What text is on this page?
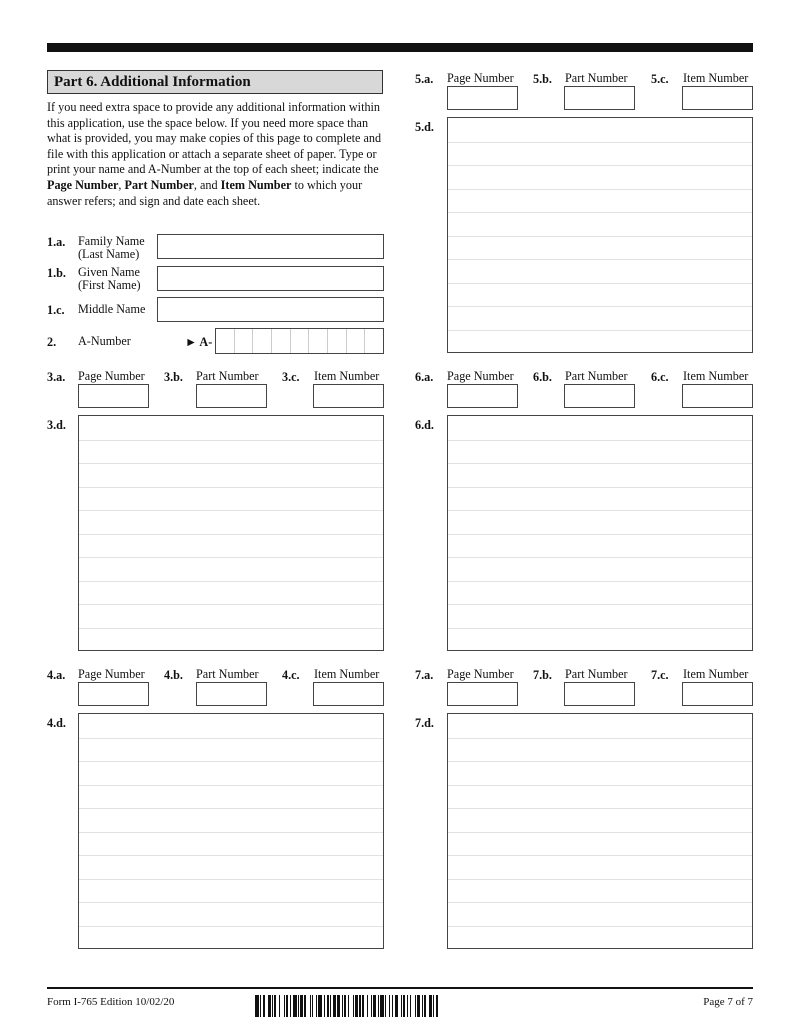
Part 6. Additional Information
If you need extra space to provide any additional information within this application, use the space below. If you need more space than what is provided, you may make copies of this page to complete and file with this application or attach a separate sheet of paper. Type or print your name and A-Number at the top of each sheet; indicate the Page Number, Part Number, and Item Number to which your answer refers; and sign and date each sheet.
1.a. Family Name
(Last Name)
1.b. Given Name
(First Name)
1.c. Middle Name
2. A-Number	► A-
3.a. Page Number 3.b. Part Number 3.c. Item Number
3.d.
4.a. Page Number 4.b. Part Number 4.c. Item Number
4.d.
5.a. Page Number 5.b. Part Number 5.c. Item Number
5.d.
6.a. Page Number 6.b. Part Number 6.c. Item Number
6.d.
7.a. Page Number 7.b. Part Number 7.c. Item Number
7.d.
Form I-765 Edition 10/02/20	Page 7 of 7
